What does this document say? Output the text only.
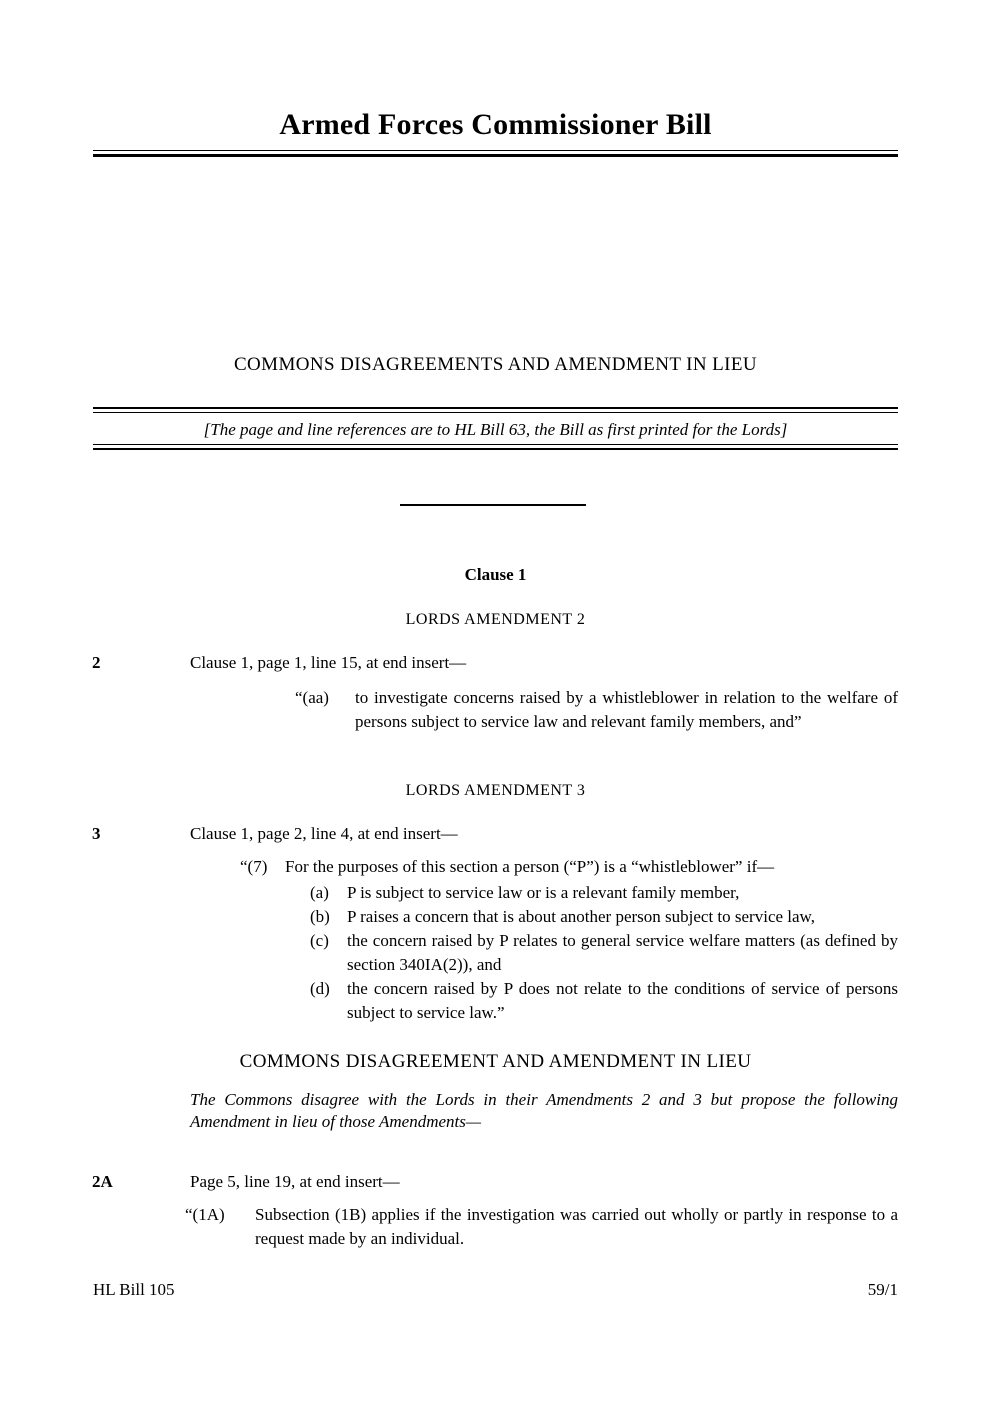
Armed Forces Commissioner Bill
COMMONS DISAGREEMENTS AND AMENDMENT IN LIEU
[The page and line references are to HL Bill 63, the Bill as first printed for the Lords]
Clause 1
LORDS AMENDMENT 2
2	Clause 1, page 1, line 15, at end insert—
“(aa)	to investigate concerns raised by a whistleblower in relation to the welfare of persons subject to service law and relevant family members, and”
LORDS AMENDMENT 3
3	Clause 1, page 2, line 4, at end insert—
“(7)	For the purposes of this section a person (“P”) is a “whistleblower” if—
(a)	P is subject to service law or is a relevant family member,
(b)	P raises a concern that is about another person subject to service law,
(c)	the concern raised by P relates to general service welfare matters (as defined by section 340IA(2)), and
(d)	the concern raised by P does not relate to the conditions of service of persons subject to service law.”
COMMONS DISAGREEMENT AND AMENDMENT IN LIEU
The Commons disagree with the Lords in their Amendments 2 and 3 but propose the following Amendment in lieu of those Amendments—
2A	Page 5, line 19, at end insert—
“(1A)	Subsection (1B) applies if the investigation was carried out wholly or partly in response to a request made by an individual.
HL Bill 105	59/1
